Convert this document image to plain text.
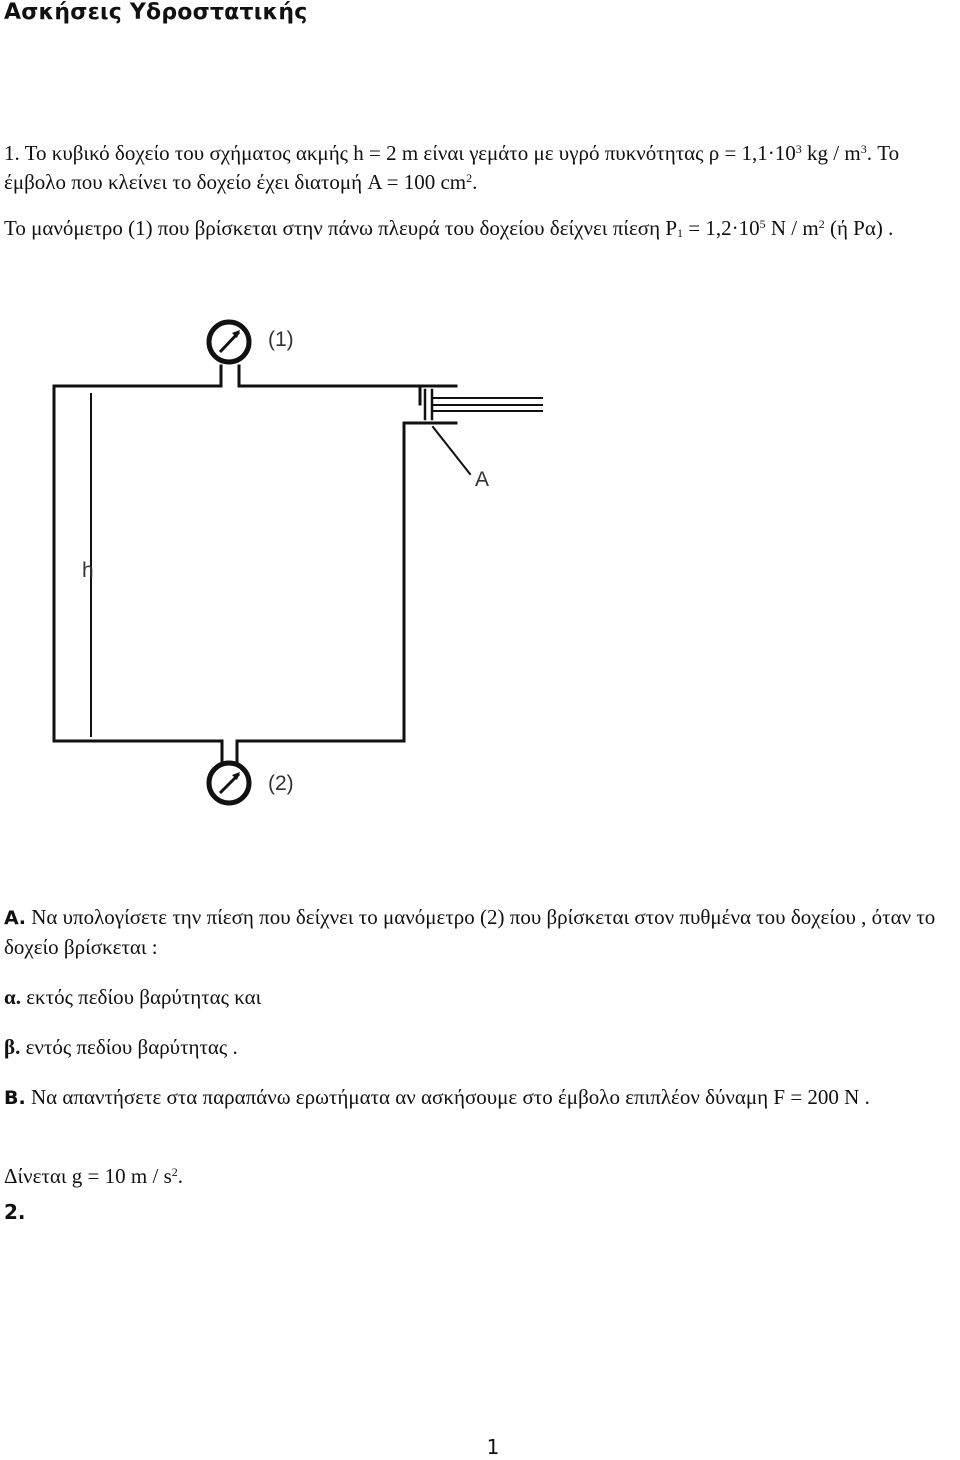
Ασκήσεις Υδροστατικής
1. Το κυβικό δοχείο του σχήματος ακμής h = 2 m είναι γεμάτο με υγρό πυκνότητας $\rho = 1,1\cdot 10^3$ kg / $m^3$. Το έμβολο που κλείνει το δοχείο έχει διατομή A = 100 $cm^2$.
Το μανόμετρο (1) που βρίσκεται στην πάνω πλευρά του δοχείου δείχνει πίεση $P_1 = 1,2\cdot 10^5$ N / $m^2$ (ή Pα) .
(1)
(2)
A
h
Α. Να υπολογίσετε την πίεση που δείχνει το μανόμετρο (2) που βρίσκεται στον πυθμένα του δοχείου , όταν το δοχείο βρίσκεται :
α. εκτός πεδίου βαρύτητας και
β. εντός πεδίου βαρύτητας .
Β. Να απαντήσετε στα παραπάνω ερωτήματα αν ασκήσουμε στο έμβολο επιπλέον δύναμη F = 200 N .
Δίνεται g = 10 m / $s^2$.
2.
1
